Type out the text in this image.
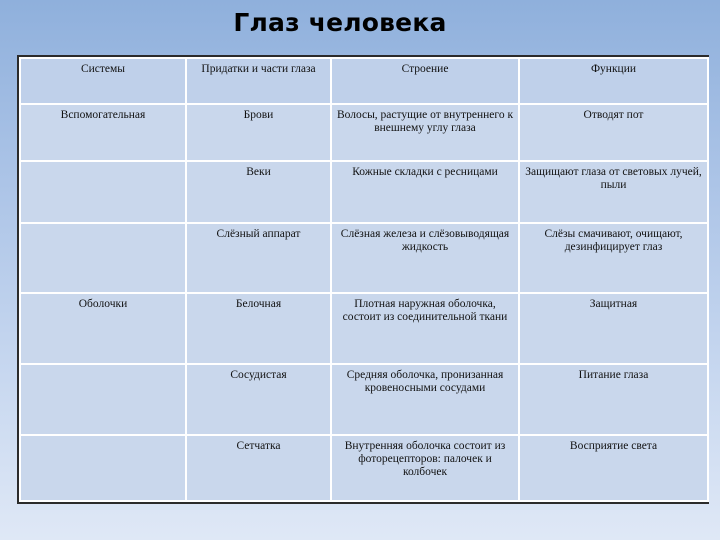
Глаз человека
Системы	Придатки и части глаза	Строение	Функции
Вспомогательная	Брови	Волосы, растущие от внутреннего к внешнему углу глаза	Отводят пот
	Веки	Кожные складки с ресницами	Защищают глаза от световых лучей, пыли
	Слёзный аппарат	Слёзная железа и слёзовыводящая жидкость	Слёзы смачивают, очищают, дезинфицирует глаз
Оболочки	Белочная	Плотная наружная оболочка, состоит из соединительной ткани	Защитная
	Сосудистая	Средняя оболочка, пронизанная кровеносными сосудами	Питание глаза
	Сетчатка	Внутренняя оболочка состоит из фоторецепторов: палочек и колбочек	Восприятие света
